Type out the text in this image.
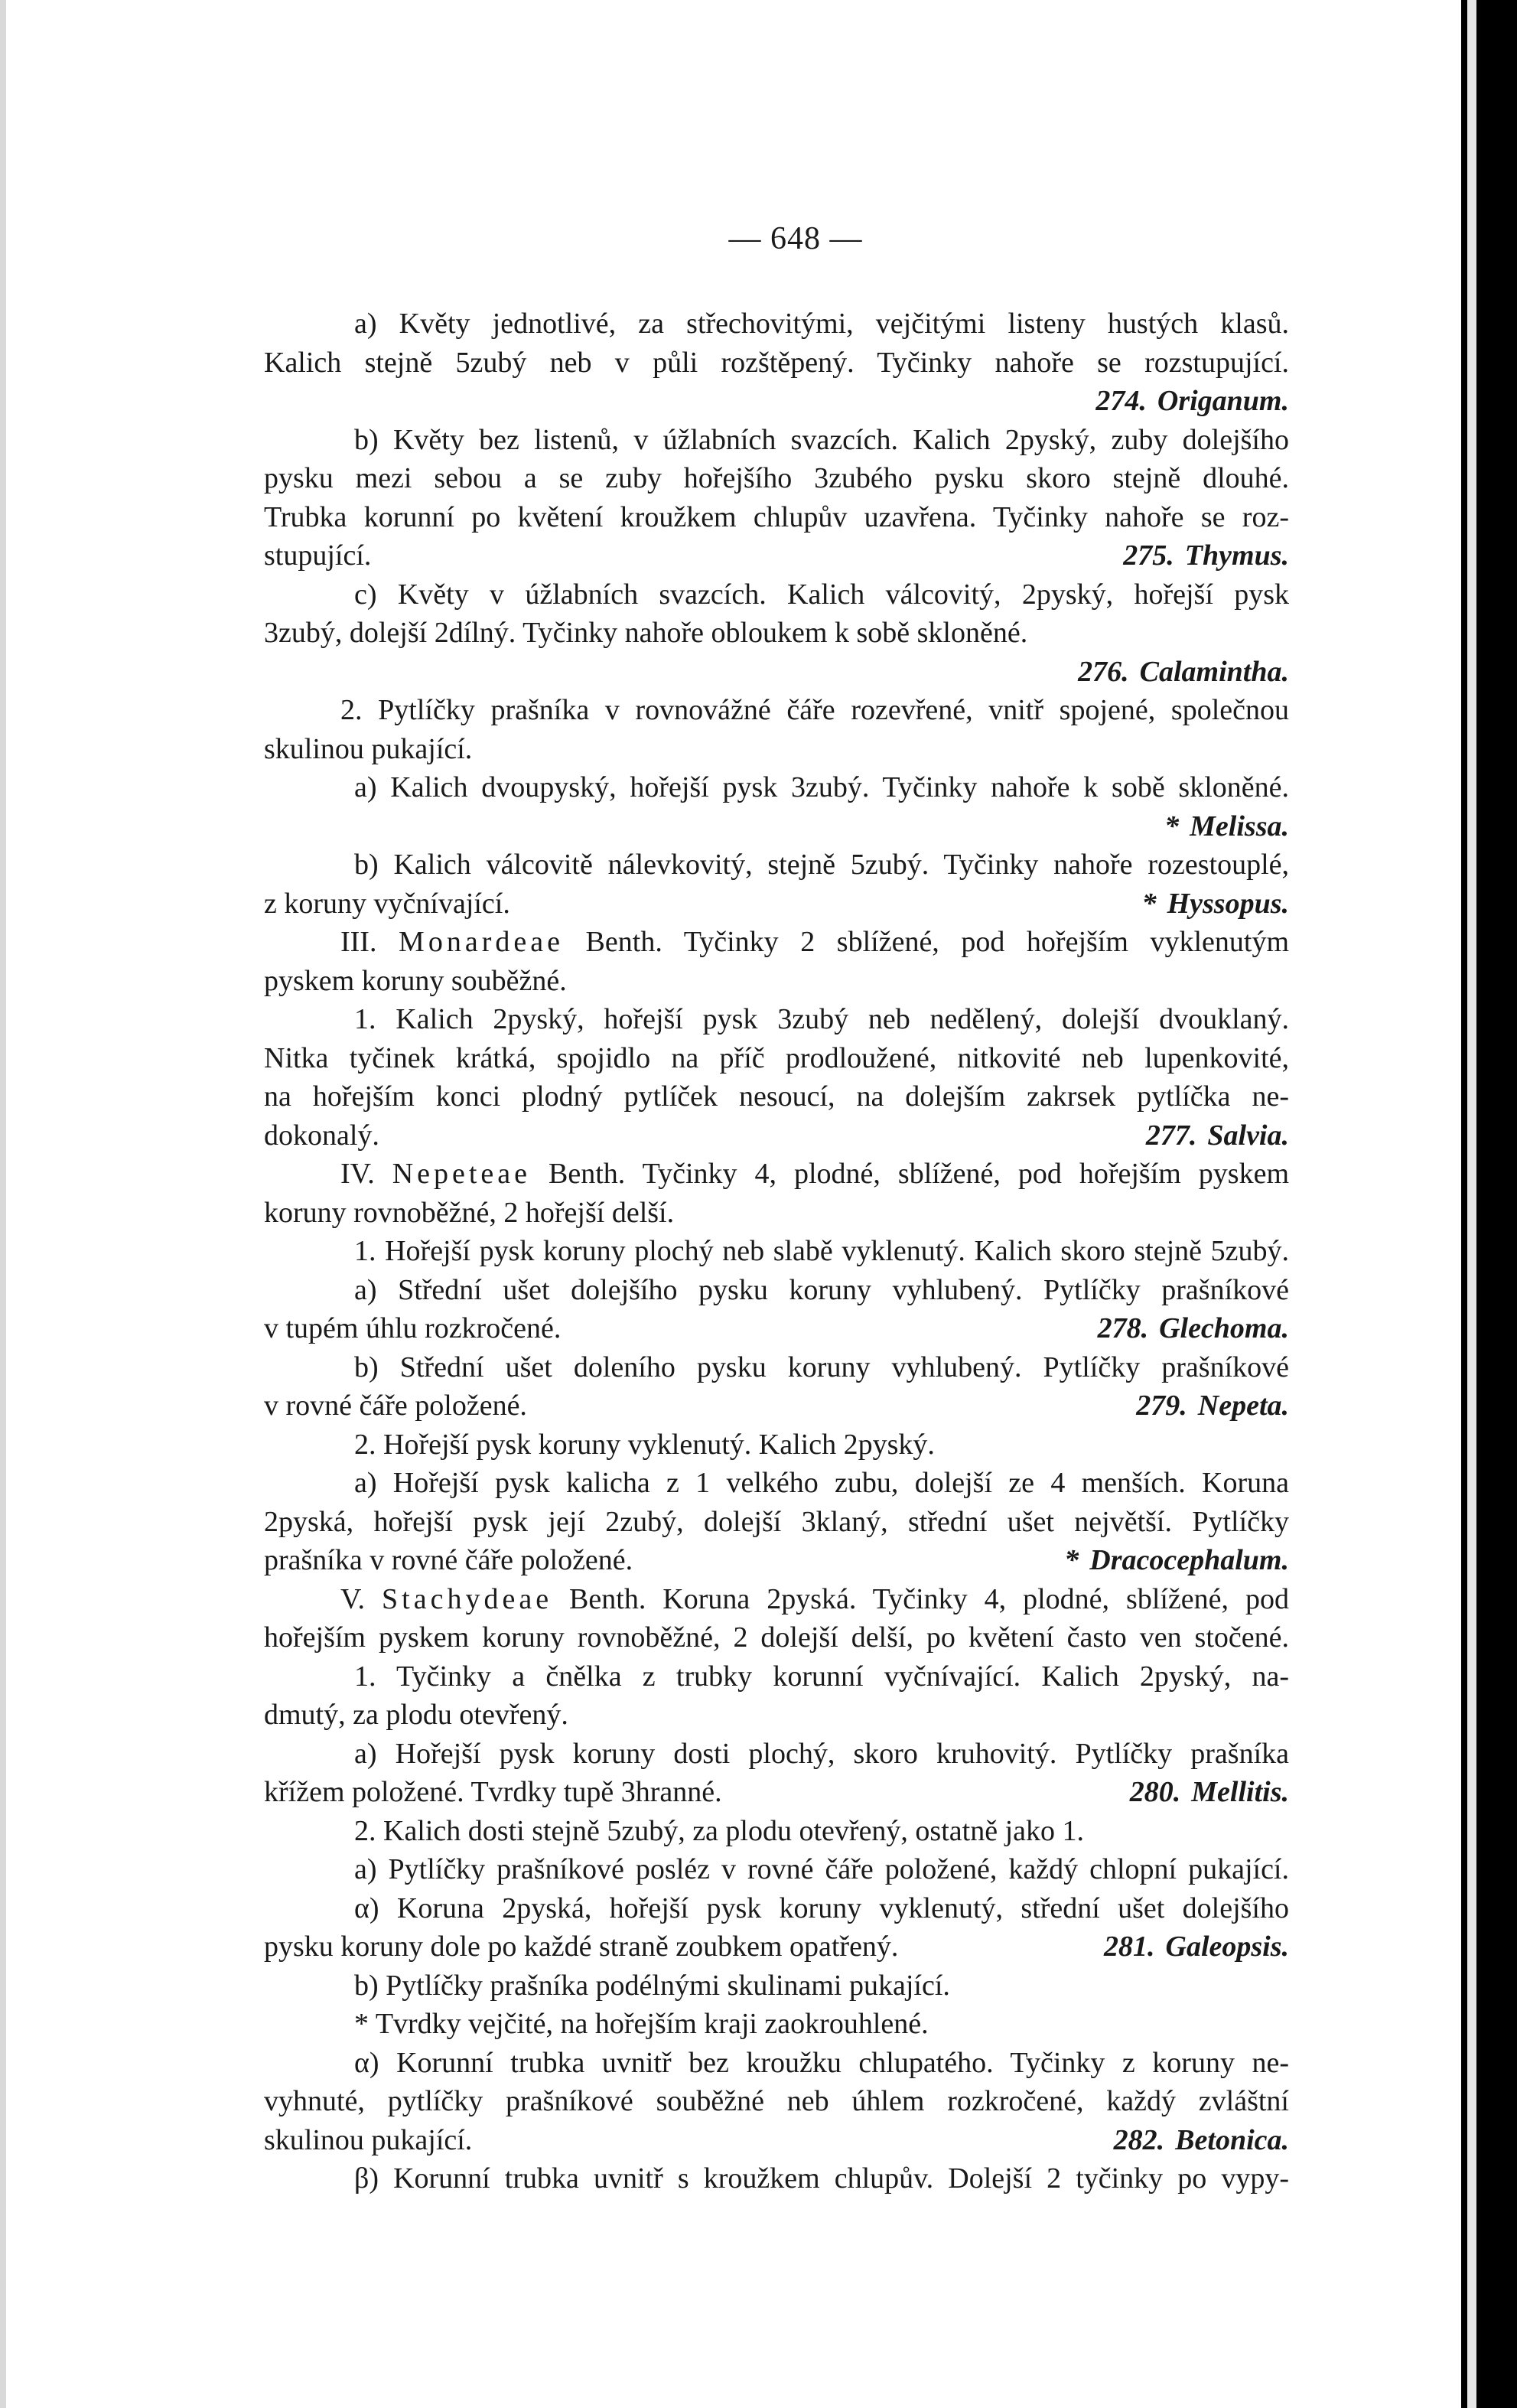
— 648 —
a) Květy jednotlivé, za střechovitými, vejčitými listeny hustých klasů.
Kalich stejně 5zubý neb v půli rozštěpený. Tyčinky nahoře se rozstupující.
274. Origanum.
b) Květy bez listenů, v úžlabních svazcích. Kalich 2pyský, zuby dolejšího
pysku mezi sebou a se zuby hořejšího 3zubého pysku skoro stejně dlouhé.
Trubka korunní po květení kroužkem chlupův uzavřena. Tyčinky nahoře se roz-
stupující.	275. Thymus.
c) Květy v úžlabních svazcích. Kalich válcovitý, 2pyský, hořejší pysk
3zubý, dolejší 2dílný. Tyčinky nahoře obloukem k sobě skloněné.
276. Calamintha.
2. Pytlíčky prašníka v rovnovážné čáře rozevřené, vnitř spojené, společnou
skulinou pukající.
a) Kalich dvoupyský, hořejší pysk 3zubý. Tyčinky nahoře k sobě skloněné.
* Melissa.
b) Kalich válcovitě nálevkovitý, stejně 5zubý. Tyčinky nahoře rozestouplé,
z koruny vyčnívající.	* Hyssopus.
III. Monardeae Benth. Tyčinky 2 sblížené, pod hořejším vyklenutým
pyskem koruny souběžné.
1. Kalich 2pyský, hořejší pysk 3zubý neb nedělený, dolejší dvouklaný.
Nitka tyčinek krátká, spojidlo na příč prodloužené, nitkovité neb lupenkovité,
na hořejším konci plodný pytlíček nesoucí, na dolejším zakrsek pytlíčka ne-
dokonalý.	277. Salvia.
IV. Nepeteae Benth. Tyčinky 4, plodné, sblížené, pod hořejším pyskem
koruny rovnoběžné, 2 hořejší delší.
1. Hořejší pysk koruny plochý neb slabě vyklenutý. Kalich skoro stejně 5zubý.
a) Střední ušet dolejšího pysku koruny vyhlubený. Pytlíčky prašníkové
v tupém úhlu rozkročené.	278. Glechoma.
b) Střední ušet doleního pysku koruny vyhlubený. Pytlíčky prašníkové
v rovné čáře položené.	279. Nepeta.
2. Hořejší pysk koruny vyklenutý. Kalich 2pyský.
a) Hořejší pysk kalicha z 1 velkého zubu, dolejší ze 4 menších. Koruna
2pyská, hořejší pysk její 2zubý, dolejší 3klaný, střední ušet největší. Pytlíčky
prašníka v rovné čáře položené.	* Dracocephalum.
V. Stachydeae Benth. Koruna 2pyská. Tyčinky 4, plodné, sblížené, pod
hořejším pyskem koruny rovnoběžné, 2 dolejší delší, po květení často ven stočené.
1. Tyčinky a čnělka z trubky korunní vyčnívající. Kalich 2pyský, na-
dmutý, za plodu otevřený.
a) Hořejší pysk koruny dosti plochý, skoro kruhovitý. Pytlíčky prašníka
křížem položené. Tvrdky tupě 3hranné.	280. Mellitis.
2. Kalich dosti stejně 5zubý, za plodu otevřený, ostatně jako 1.
a) Pytlíčky prašníkové posléz v rovné čáře položené, každý chlopní pukající.
α) Koruna 2pyská, hořejší pysk koruny vyklenutý, střední ušet dolejšího
pysku koruny dole po každé straně zoubkem opatřený.	281. Galeopsis.
b) Pytlíčky prašníka podélnými skulinami pukající.
* Tvrdky vejčité, na hořejším kraji zaokrouhlené.
α) Korunní trubka uvnitř bez kroužku chlupatého. Tyčinky z koruny ne-
vyhnuté, pytlíčky prašníkové souběžné neb úhlem rozkročené, každý zvláštní
skulinou pukající.	282. Betonica.
β) Korunní trubka uvnitř s kroužkem chlupův. Dolejší 2 tyčinky po vypy-
